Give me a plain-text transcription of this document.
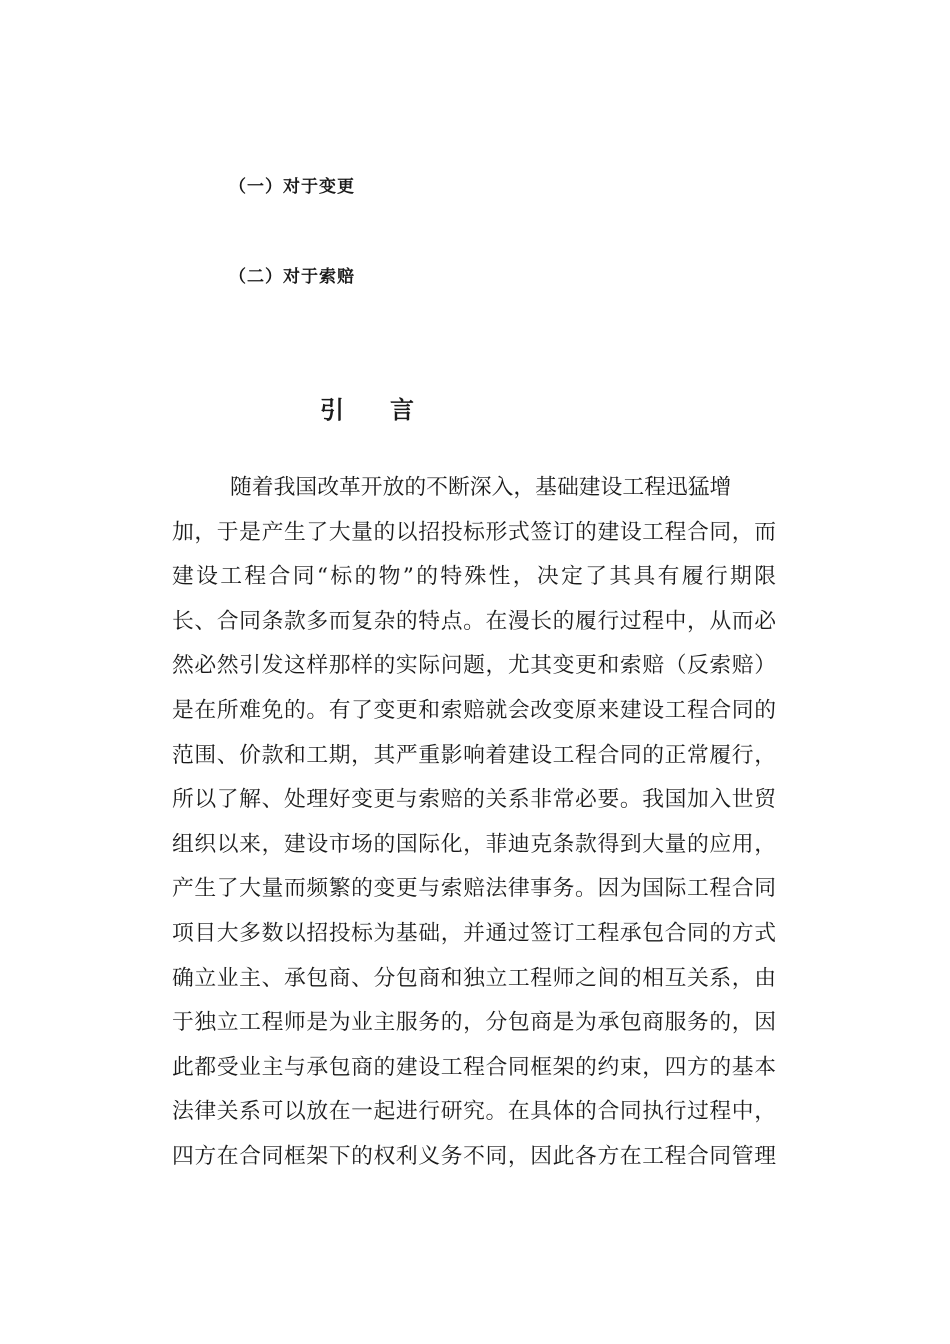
（一）对于变更
（二）对于索赔
引 言
随着我国改革开放的不断深入，基础建设工程迅猛增
加，于是产生了大量的以招投标形式签订的建设工程合同，而
建设工程合同“标的物”的特殊性，决定了其具有履行期限
长、合同条款多而复杂的特点。在漫长的履行过程中，从而必
然必然引发这样那样的实际问题，尤其变更和索赔（反索赔）
是在所难免的。有了变更和索赔就会改变原来建设工程合同的
范围、价款和工期，其严重影响着建设工程合同的正常履行，
所以了解、处理好变更与索赔的关系非常必要。我国加入世贸
组织以来，建设市场的国际化，菲迪克条款得到大量的应用，
产生了大量而频繁的变更与索赔法律事务。因为国际工程合同
项目大多数以招投标为基础，并通过签订工程承包合同的方式
确立业主、承包商、分包商和独立工程师之间的相互关系，由
于独立工程师是为业主服务的，分包商是为承包商服务的，因
此都受业主与承包商的建设工程合同框架的约束，四方的基本
法律关系可以放在一起进行研究。在具体的合同执行过程中，
四方在合同框架下的权利义务不同，因此各方在工程合同管理
